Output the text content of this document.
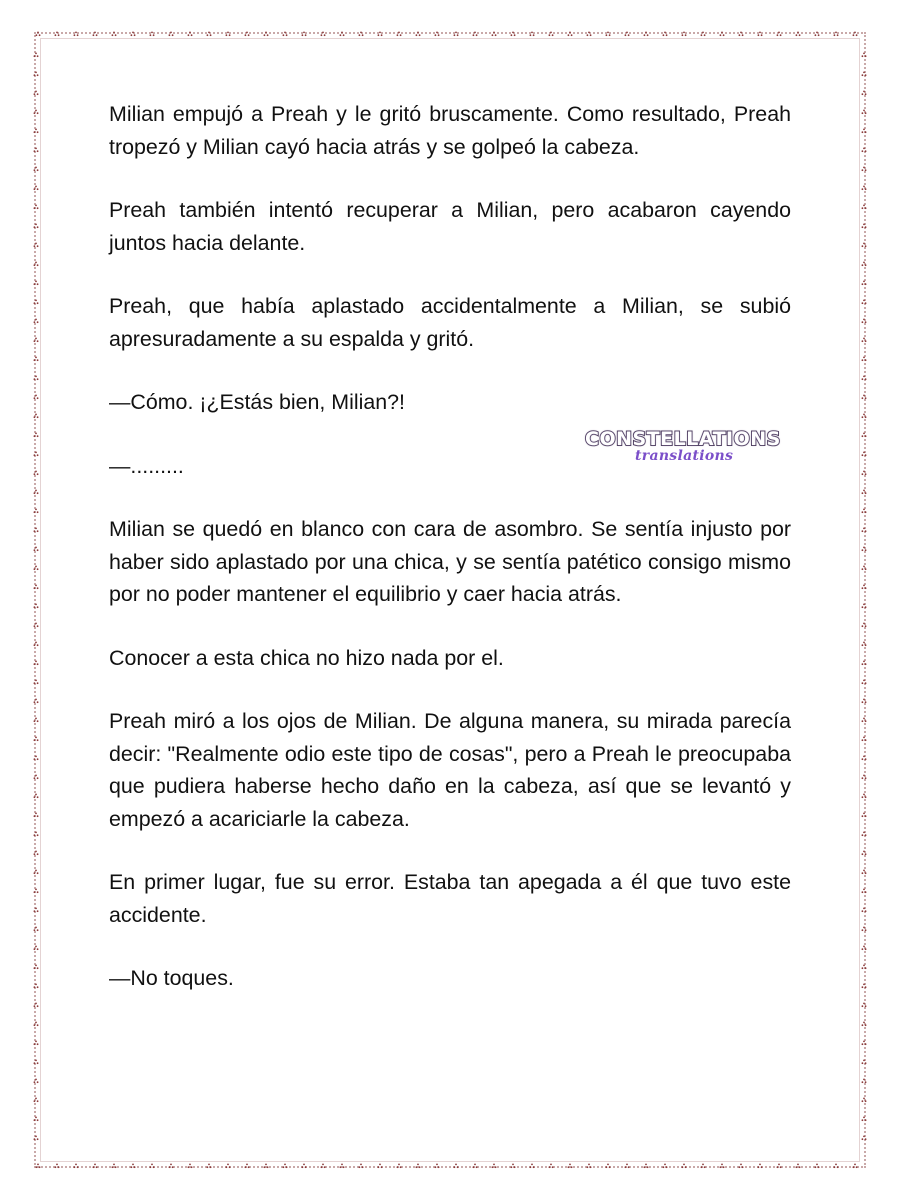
Milian empujó a Preah y le gritó bruscamente. Como resultado, Preah tropezó y Milian cayó hacia atrás y se golpeó la cabeza.

Preah también intentó recuperar a Milian, pero acabaron cayendo juntos hacia delante.

Preah, que había aplastado accidentalmente a Milian, se subió apresuradamente a su espalda y gritó.

—Cómo. ¡¿Estás bien, Milian?!

—.........

Milian se quedó en blanco con cara de asombro. Se sentía injusto por haber sido aplastado por una chica, y se sentía patético consigo mismo por no poder mantener el equilibrio y caer hacia atrás.

Conocer a esta chica no hizo nada por el.

Preah miró a los ojos de Milian. De alguna manera, su mirada parecía decir: "Realmente odio este tipo de cosas", pero a Preah le preocupaba que pudiera haberse hecho daño en la cabeza, así que se levantó y empezó a acariciarle la cabeza.

En primer lugar, fue su error. Estaba tan apegada a él que tuvo este accidente.

—No toques.

CONSTELLATIONS
translations
